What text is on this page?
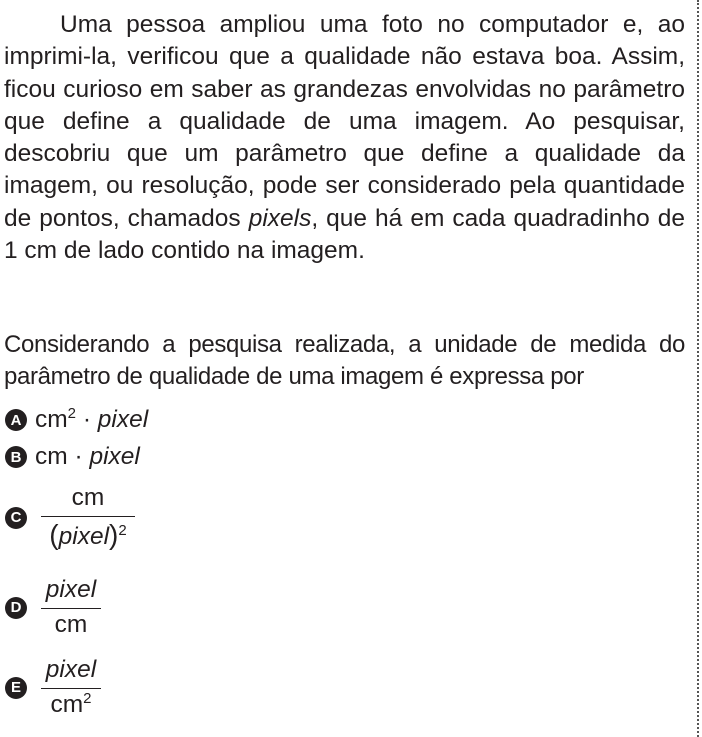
Uma pessoa ampliou uma foto no computador e, ao imprimi-la, verificou que a qualidade não estava boa. Assim, ficou curioso em saber as grandezas envolvidas no parâmetro que define a qualidade de uma imagem. Ao pesquisar, descobriu que um parâmetro que define a qualidade da imagem, ou resolução, pode ser considerado pela quantidade de pontos, chamados pixels, que há em cada quadradinho de 1 cm de lado contido na imagem.

Considerando a pesquisa realizada, a unidade de medida do parâmetro de qualidade de uma imagem é expressa por

A $cm^2$ · pixel
B cm · pixel
C $\frac{cm}{(pixel)^2}$
D $\frac{\text{pixel}}{cm}$
E $\frac{\text{pixel}}{cm^2}$
